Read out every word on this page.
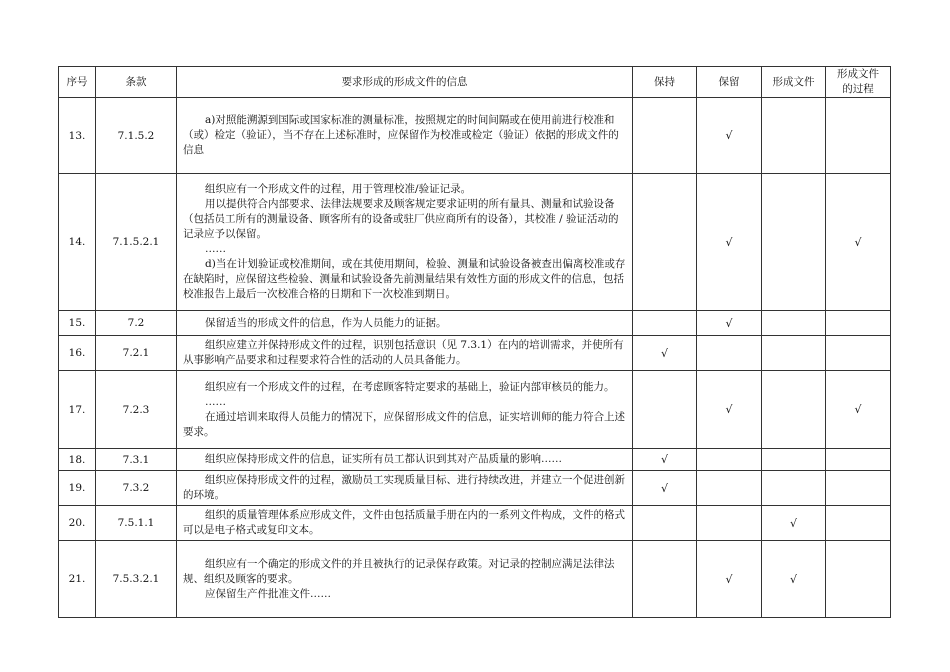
序号	条款	要求形成的形成文件的信息	保持	保留	形成文件	形成文件
的过程
13.	7.1.5.2	a)对照能溯源到国际或国家标准的测量标准，按照规定的时间间隔或在使用前进行校准和（或）检定（验证），当不存在上述标准时，应保留作为校准或检定（验证）依据的形成文件的信息		√		
14.	7.1.5.2.1	组织应有一个形成文件的过程，用于管理校准/验证记录。
用以提供符合内部要求、法律法规要求及顾客规定要求证明的所有量具、测量和试验设备（包括员工所有的测量设备、顾客所有的设备或驻厂供应商所有的设备），其校准 / 验证活动的记录应予以保留。
……
d)当在计划验证或校准期间，或在其使用期间，检验、测量和试验设备被查出偏离校准或存在缺陷时，应保留这些检验、测量和试验设备先前测量结果有效性方面的形成文件的信息，包括校准报告上最后一次校准合格的日期和下一次校准到期日。		√		√
15.	7.2	保留适当的形成文件的信息，作为人员能力的证据。		√		
16.	7.2.1	组织应建立并保持形成文件的过程，识别包括意识（见 7.3.1）在内的培训需求，并使所有从事影响产品要求和过程要求符合性的活动的人员具备能力。	√			
17.	7.2.3	组织应有一个形成文件的过程，在考虑顾客特定要求的基础上，验证内部审核员的能力。
……
在通过培训来取得人员能力的情况下，应保留形成文件的信息，证实培训师的能力符合上述要求。		√		√
18.	7.3.1	组织应保持形成文件的信息，证实所有员工都认识到其对产品质量的影响……	√			
19.	7.3.2	组织应保持形成文件的过程，激励员工实现质量目标、进行持续改进，并建立一个促进创新的环境。	√			
20.	7.5.1.1	组织的质量管理体系应形成文件，文件由包括质量手册在内的一系列文件构成，文件的格式可以是电子格式或复印文本。			√	
21.	7.5.3.2.1	组织应有一个确定的形成文件的并且被执行的记录保存政策。对记录的控制应满足法律法规、组织及顾客的要求。
应保留生产件批准文件……		√	√	
